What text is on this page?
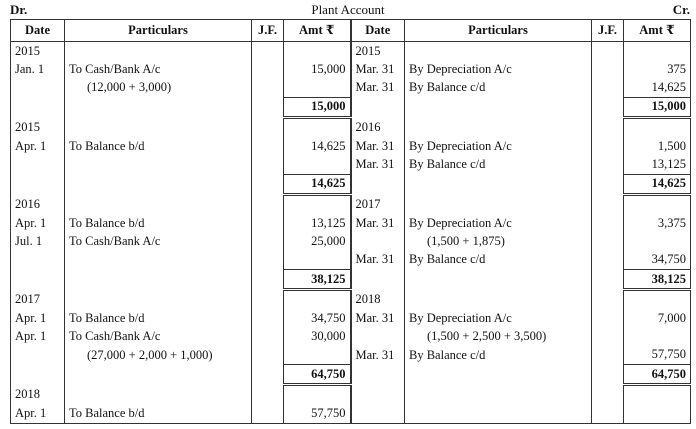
Dr.	Plant Account	Cr.
Date	Particulars	J.F.	Amt ₹	Date	Particulars	J.F.	Amt ₹
2015				2015			
Jan. 1	To Cash/Bank A/c		15,000	Mar. 31	By Depreciation A/c		375
	(12,000 + 3,000)			Mar. 31	By Balance c/d		14,625
			15,000				15,000
2015				2016			
Apr. 1	To Balance b/d		14,625	Mar. 31	By Depreciation A/c		1,500
				Mar. 31	By Balance c/d		13,125
			14,625				14,625
2016				2017			
Apr. 1	To Balance b/d		13,125	Mar. 31	By Depreciation A/c		3,375
Jul. 1	To Cash/Bank A/c		25,000		(1,500 + 1,875)		
				Mar. 31	By Balance c/d		34,750
			38,125				38,125
2017				2018			
Apr. 1	To Balance b/d		34,750	Mar. 31	By Depreciation A/c		7,000
Apr. 1	To Cash/Bank A/c		30,000		(1,500 + 2,500 + 3,500)		
	(27,000 + 2,000 + 1,000)			Mar. 31	By Balance c/d		57,750
			64,750				64,750
2018							
Apr. 1	To Balance b/d		57,750				
